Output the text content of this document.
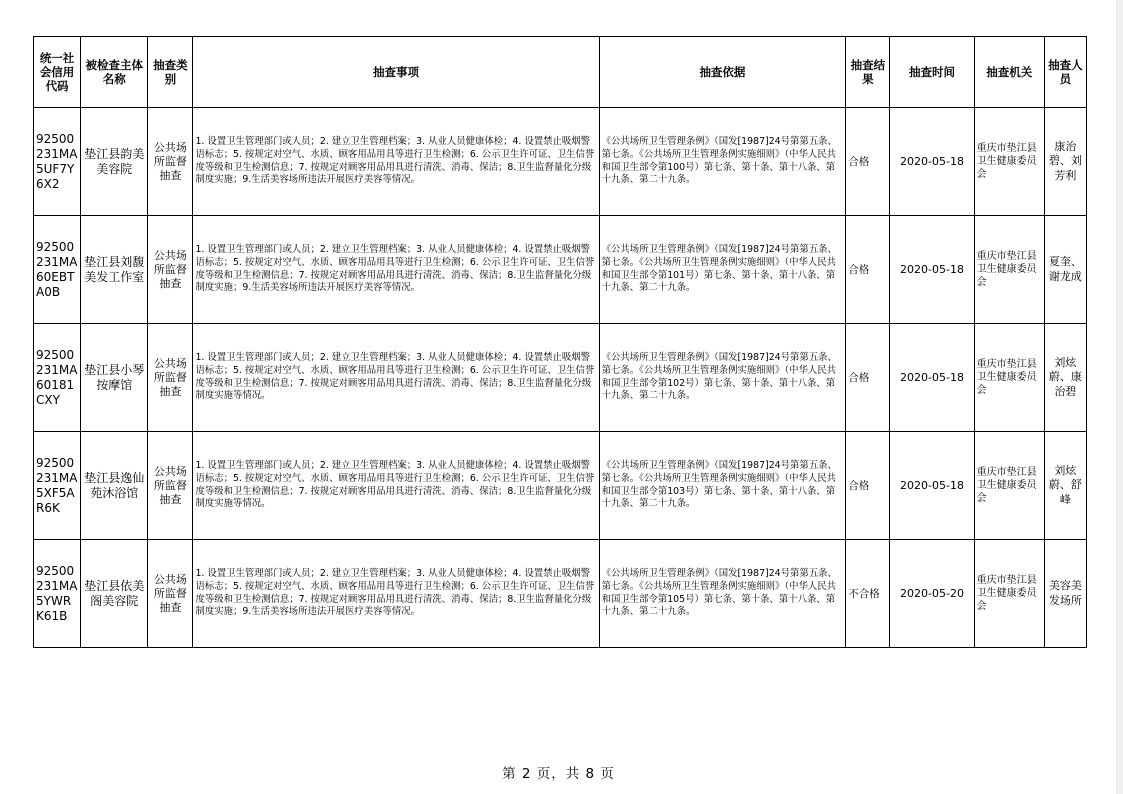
统一社会信用代码	被检查主体名称	抽查类别	抽查事项	抽查依据	抽查结果	抽查时间	抽查机关	抽查人员
92500231MA5UF7Y6X2	垫江县韵美美容院	公共场所监督抽查	1. 设置卫生管理部门或人员；2. 建立卫生管理档案；3. 从业人员健康体检；4. 设置禁止吸烟警语标志；5. 按规定对空气、水质、顾客用品用具等进行卫生检测；6. 公示卫生许可证、卫生信誉度等级和卫生检测信息；7. 按规定对顾客用品用具进行清洗、消毒、保洁；8.卫生监督量化分级制度实施；9.生活美容场所违法开展医疗美容等情况。	《公共场所卫生管理条例》（国发[1987]24号第第五条、第七条。《公共场所卫生管理条例实施细则》（中华人民共和国卫生部令第100号）第七条、第十条、第十八条、第十九条、第二十九条。	合格	2020-05-18	重庆市垫江县卫生健康委员会	康治碧、刘芳利
92500231MA60EBTA0B	垫江县刘馥美发工作室	公共场所监督抽查	1. 设置卫生管理部门或人员；2. 建立卫生管理档案；3. 从业人员健康体检；4. 设置禁止吸烟警语标志；5. 按规定对空气、水质、顾客用品用具等进行卫生检测；6. 公示卫生许可证、卫生信誉度等级和卫生检测信息；7. 按规定对顾客用品用具进行清洗、消毒、保洁；8.卫生监督量化分级制度实施；9.生活美容场所违法开展医疗美容等情况。	《公共场所卫生管理条例》（国发[1987]24号第第五条、第七条。《公共场所卫生管理条例实施细则》（中华人民共和国卫生部令第101号）第七条、第十条、第十八条、第十九条、第二十九条。	合格	2020-05-18	重庆市垫江县卫生健康委员会	夏奎、谢龙成
92500231MA60181CXY	垫江县小琴按摩馆	公共场所监督抽查	1. 设置卫生管理部门或人员；2. 建立卫生管理档案；3. 从业人员健康体检；4. 设置禁止吸烟警语标志；5. 按规定对空气、水质、顾客用品用具等进行卫生检测；6. 公示卫生许可证、卫生信誉度等级和卫生检测信息；7. 按规定对顾客用品用具进行清洗、消毒、保洁；8.卫生监督量化分级制度实施等情况。	《公共场所卫生管理条例》（国发[1987]24号第第五条、第七条。《公共场所卫生管理条例实施细则》（中华人民共和国卫生部令第102号）第七条、第十条、第十八条、第十九条、第二十九条。	合格	2020-05-18	重庆市垫江县卫生健康委员会	刘炫蔚、康治碧
92500231MA5XF5AR6K	垫江县逸仙苑沐浴馆	公共场所监督抽查	1. 设置卫生管理部门或人员；2. 建立卫生管理档案；3. 从业人员健康体检；4. 设置禁止吸烟警语标志；5. 按规定对空气、水质、顾客用品用具等进行卫生检测；6. 公示卫生许可证、卫生信誉度等级和卫生检测信息；7. 按规定对顾客用品用具进行清洗、消毒、保洁；8.卫生监督量化分级制度实施等情况。	《公共场所卫生管理条例》（国发[1987]24号第第五条、第七条。《公共场所卫生管理条例实施细则》（中华人民共和国卫生部令第103号）第七条、第十条、第十八条、第十九条、第二十九条。	合格	2020-05-18	重庆市垫江县卫生健康委员会	刘炫蔚、舒峰
92500231MA5YWRK61B	垫江县依美阁美容院	公共场所监督抽查	1. 设置卫生管理部门或人员；2. 建立卫生管理档案；3. 从业人员健康体检；4. 设置禁止吸烟警语标志；5. 按规定对空气、水质、顾客用品用具等进行卫生检测；6. 公示卫生许可证、卫生信誉度等级和卫生检测信息；7. 按规定对顾客用品用具进行清洗、消毒、保洁；8.卫生监督量化分级制度实施；9.生活美容场所违法开展医疗美容等情况。	《公共场所卫生管理条例》（国发[1987]24号第第五条、第七条。《公共场所卫生管理条例实施细则》（中华人民共和国卫生部令第105号）第七条、第十条、第十八条、第十九条、第二十九条。	不合格	2020-05-20	重庆市垫江县卫生健康委员会	美容美发场所
第 2 页，共 8 页
